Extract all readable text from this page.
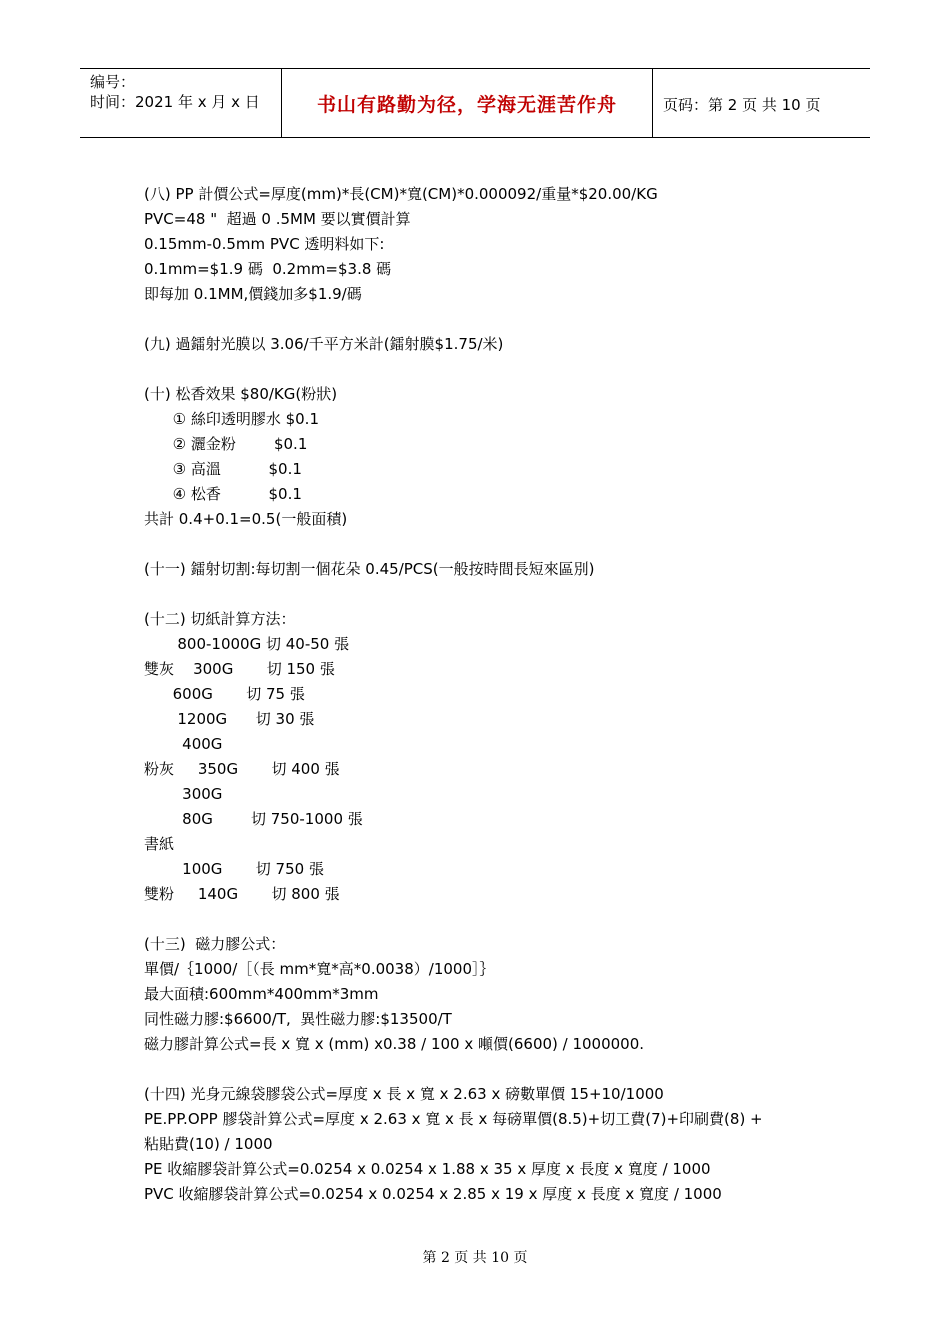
编号：
时间：2021 年 x 月 x 日	书山有路勤为径，学海无涯苦作舟	页码：第 2 页 共 10 页
(八) PP 計價公式=厚度(mm)*長(CM)*寬(CM)*0.000092/重量*$20.00/KG
PVC=48 "  超過 0 .5MM 要以實價計算
0.15mm-0.5mm PVC 透明料如下:
0.1mm=$1.9 碼  0.2mm=$3.8 碼
即每加 0.1MM,價錢加多$1.9/碼
(九) 過鐳射光膜以 3.06/千平方米計(鐳射膜$1.75/米)
(十) 松香效果 $80/KG(粉狀)
① 絲印透明膠水 $0.1
② 灑金粉        $0.1
③ 高溫          $0.1
④ 松香          $0.1
共計 0.4+0.1=0.5(一般面積)
(十一) 鐳射切割:每切割一個花朵 0.45/PCS(一般按時間長短來區別)
(十二) 切紙計算方法：
800-1000G 切 40-50 張
雙灰    300G       切 150 張
600G       切 75 張
1200G      切 30 張
400G
粉灰     350G       切 400 張
300G
80G        切 750-1000 張
書紙
100G       切 750 張
雙粉     140G       切 800 張
(十三)  磁力膠公式：
單價/｛1000/［（長 mm*寬*高*0.0038）/1000］｝
最大面積:600mm*400mm*3mm
同性磁力膠:$6600/T,  異性磁力膠:$13500/T
磁力膠計算公式=長 x 寬 x (mm) x0.38 / 100 x 噸價(6600) / 1000000.
(十四) 光身元線袋膠袋公式=厚度 x 長 x 寬 x 2.63 x 磅數單價 15+10/1000
PE.PP.OPP 膠袋計算公式=厚度 x 2.63 x 寬 x 長 x 每磅單價(8.5)+切工費(7)+印刷費(8) +
粘貼費(10) / 1000
PE 收縮膠袋計算公式=0.0254 x 0.0254 x 1.88 x 35 x 厚度 x 長度 x 寬度 / 1000
PVC 收縮膠袋計算公式=0.0254 x 0.0254 x 2.85 x 19 x 厚度 x 長度 x 寬度 / 1000
第 2 页 共 10 页
